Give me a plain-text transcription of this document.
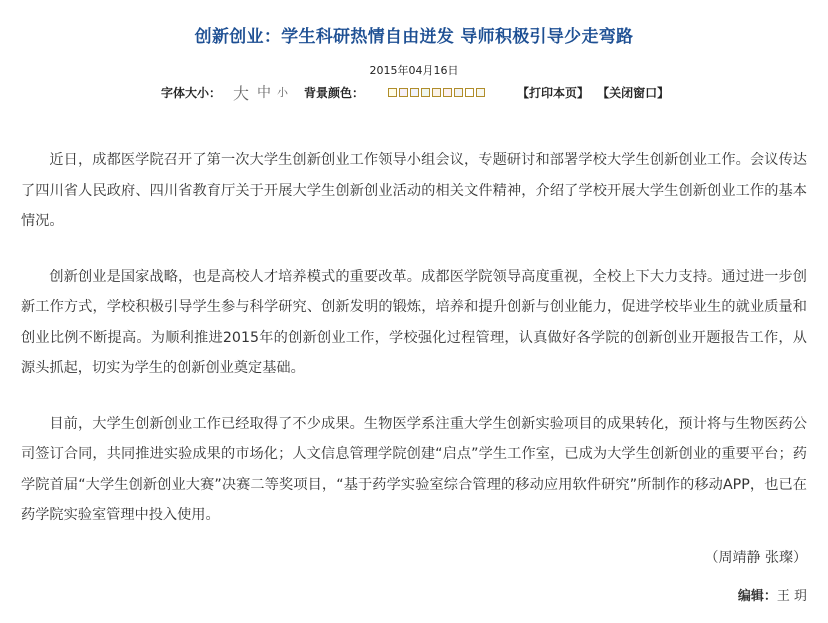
创新创业：学生科研热情自由迸发 导师积极引导少走弯路
2015年04月16日
字体大小： 大 中 小 背景颜色：	【打印本页】 【关闭窗口】

近日，成都医学院召开了第一次大学生创新创业工作领导小组会议，专题研讨和部署学校大学生创新创业工作。会议传达了四川省人民政府、四川省教育厅关于开展大学生创新创业活动的相关文件精神，介绍了学校开展大学生创新创业工作的基本情况。

创新创业是国家战略，也是高校人才培养模式的重要改革。成都医学院领导高度重视，全校上下大力支持。通过进一步创新工作方式，学校积极引导学生参与科学研究、创新发明的锻炼，培养和提升创新与创业能力，促进学校毕业生的就业质量和创业比例不断提高。为顺利推进2015年的创新创业工作，学校强化过程管理，认真做好各学院的创新创业开题报告工作，从源头抓起，切实为学生的创新创业奠定基础。

目前，大学生创新创业工作已经取得了不少成果。生物医学系注重大学生创新实验项目的成果转化，预计将与生物医药公司签订合同，共同推进实验成果的市场化；人文信息管理学院创建“启点”学生工作室，已成为大学生创新创业的重要平台；药学院首届“大学生创新创业大赛”决赛二等奖项目，“基于药学实验室综合管理的移动应用软件研究”所制作的移动APP，也已在药学院实验室管理中投入使用。

（周靖静 张璨）
编辑：王 玥
